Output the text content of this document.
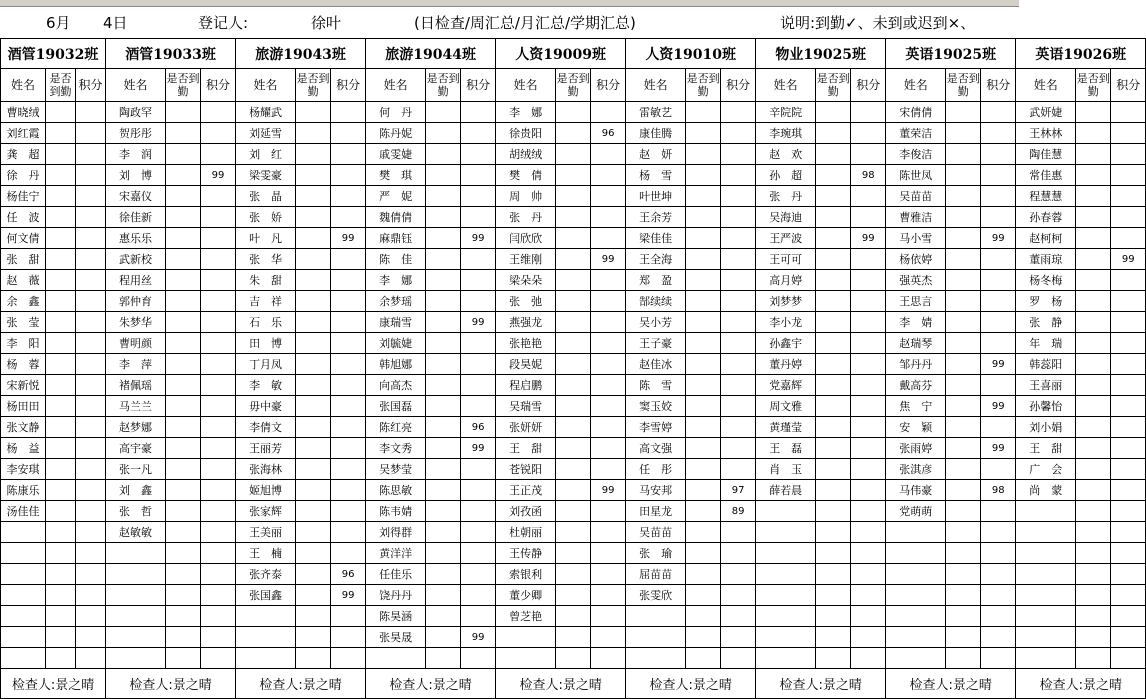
6月 4日	登记人:	徐叶	(日检查/周汇总/月汇总/学期汇总)	说明:到勤✓、未到或迟到×、
酒管19032班			酒管19033班			旅游19043班			旅游19044班			人资19009班			人资19010班			物业19025班			英语19025班			英语19026班		
姓名	是否到勤	积分	姓名	是否到勤	积分	姓名	是否到勤	积分	姓名	是否到勤	积分	姓名	是否到勤	积分	姓名	是否到勤	积分	姓名	是否到勤	积分	姓名	是否到勤	积分	姓名	是否到勤	积分
曹晓绒			陶政罕			杨耀武			何　丹			李　娜			雷敏艺			辛院院			宋倩倩			武妍婕		
刘红霞			贺彤彤			刘延雪			陈丹妮			徐贵阳		96	康佳腾			李琬琪			董荣洁			王林林		
龚　超			李　润			刘　红			戚雯婕			胡绒绒			赵　妍			赵　欢			李俊洁			陶佳慧		
徐　丹			刘　博		99	梁雯豪			樊　琪			樊　倩			杨　雪			孙　超		98	陈世凤			常佳惠		
杨佳宁			宋嘉仪			张　晶			严　妮			周　帅			叶世坤			张　丹			吴苗苗			程慧慧		
任　波			徐佳新			张　娇			魏倩倩			张　丹			王余芳			吴海迪			曹雅洁			孙春蓉		
何文倩			惠乐乐			叶　凡		99	麻鼎钰		99	闫欣欣			梁佳佳			王严波		99	马小雪		99	赵柯柯		
张　甜			武新校			张　华			陈　佳			王维刚		99	王全海			王可可			杨依婷			董雨琼		99
赵　薇			程用丝			朱　甜			李　娜			梁朵朵			郑　盈			高月婷			强英杰			杨冬梅		
余　鑫			郭仲育			吉　祥			余梦瑶			张　弛			郜续续			刘梦梦			王思言			罗　杨		
张　莹			朱梦华			石　乐			康瑞雪		99	燕强龙			吴小芳			李小龙			李　婧			张　静		
李　阳			曹明颜			田　博			刘毓婕			张艳艳			王子豪			孙鑫宇			赵瑞琴			年　瑞		
杨　蓉			李　萍			丁月凤			韩旭娜			段昊妮			赵佳冰			董丹婷			邹丹丹		99	韩蕊阳		
宋新悦			褚佩瑶			李　敏			向高杰			程启鹏			陈　雪			党嘉辉			戴高芬			王喜丽		
杨田田			马兰兰			毋中豪			张国磊			吴瑞雪			窦玉姣			周文雅			焦　宁		99	孙馨怡		
张文静			赵梦娜			李倩文			陈红亮		96	张妍妍			李雪婷			黄瑾莹			安　颖			刘小娟		
杨　益			高宇豪			王丽芳			李文秀		99	王　甜			高文强			王　磊			张雨婷		99	王　甜		
李安琪			张一凡			张海林			吴梦莹			苍锐阳			任　彤			肖　玉			张淇彦			广　会		
陈康乐			刘　鑫			姬旭博			陈思敏			王正茂		99	马安邦		97	薛若晨			马伟豪		98	尚　蒙		
汤佳佳			张　哲			张家辉			陈韦婧			刘孜函			田星龙		89				党萌萌					
			赵敏敏			王美丽			刘得群			杜朝丽			吴苗苗											
						王　楠			黄洋洋			王传静			张　瑜											
						张齐泰		96	任佳乐			索银利			屈苗苗											
						张国鑫		99	饶丹丹			董少卿			张雯欣											
									陈昊涵			曾芝艳														
									张昊晟		99															

检查人:景之晴			检查人:景之晴			检查人:景之晴			检查人:景之晴			检查人:景之晴			检查人:景之晴			检查人:景之晴			检查人:景之晴			检查人:景之晴		
